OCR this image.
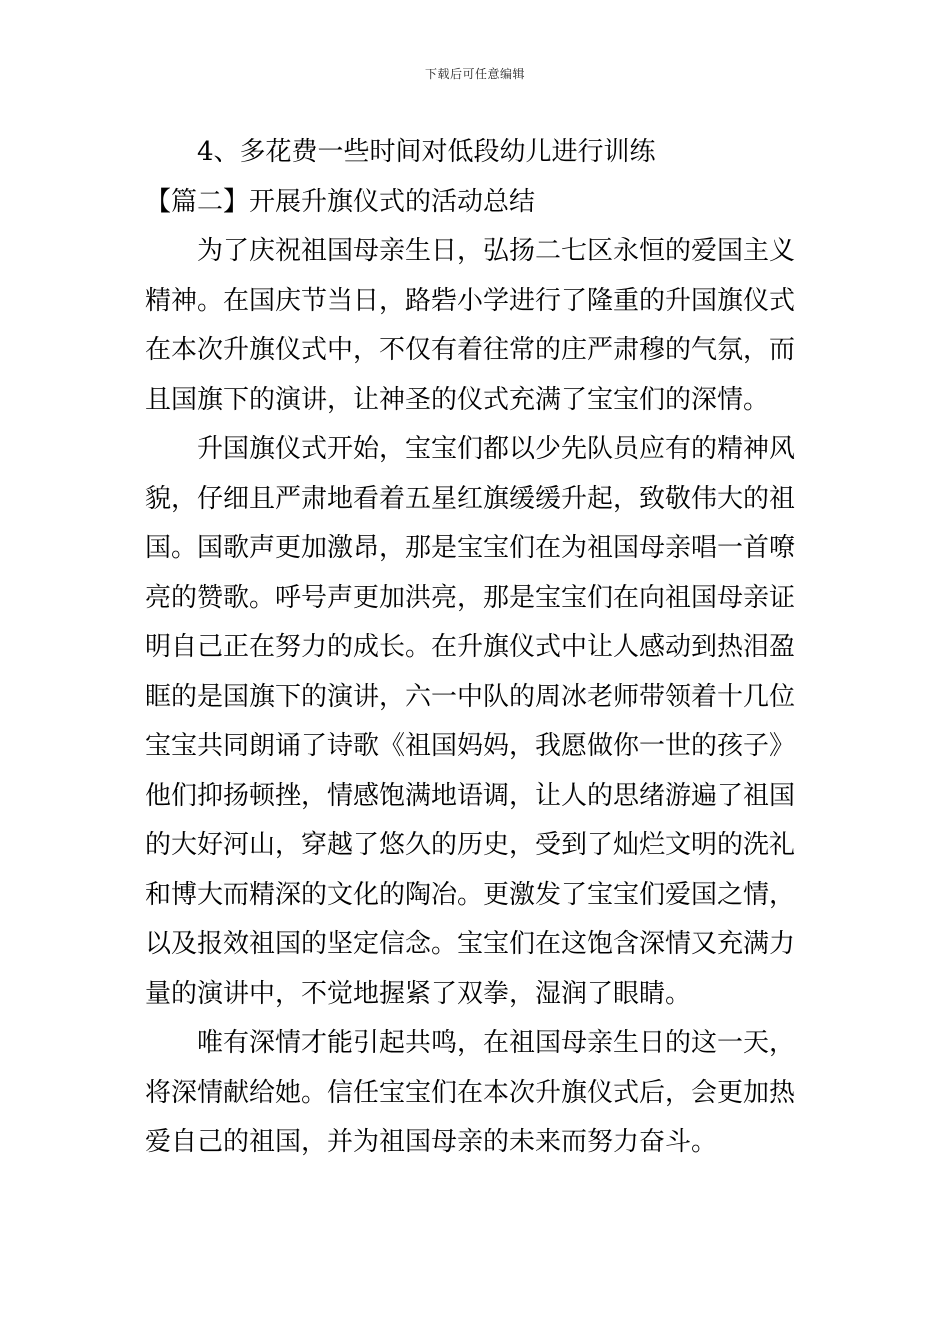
下载后可任意编辑
4、多花费一些时间对低段幼儿进行训练
【篇二】开展升旗仪式的活动总结
为了庆祝祖国母亲生日，弘扬二七区永恒的爱国主义
精神。在国庆节当日，路砦小学进行了隆重的升国旗仪式
在本次升旗仪式中，不仅有着往常的庄严肃穆的气氛，而
且国旗下的演讲，让神圣的仪式充满了宝宝们的深情。
升国旗仪式开始，宝宝们都以少先队员应有的精神风
貌，仔细且严肃地看着五星红旗缓缓升起，致敬伟大的祖
国。国歌声更加激昂，那是宝宝们在为祖国母亲唱一首嘹
亮的赞歌。呼号声更加洪亮，那是宝宝们在向祖国母亲证
明自己正在努力的成长。在升旗仪式中让人感动到热泪盈
眶的是国旗下的演讲，六一中队的周冰老师带领着十几位
宝宝共同朗诵了诗歌《祖国妈妈，我愿做你一世的孩子》
他们抑扬顿挫，情感饱满地语调，让人的思绪游遍了祖国
的大好河山，穿越了悠久的历史，受到了灿烂文明的洗礼
和博大而精深的文化的陶冶。更激发了宝宝们爱国之情，
以及报效祖国的坚定信念。宝宝们在这饱含深情又充满力
量的演讲中，不觉地握紧了双拳，湿润了眼睛。
唯有深情才能引起共鸣，在祖国母亲生日的这一天，
将深情献给她。信任宝宝们在本次升旗仪式后，会更加热
爱自己的祖国，并为祖国母亲的未来而努力奋斗。
